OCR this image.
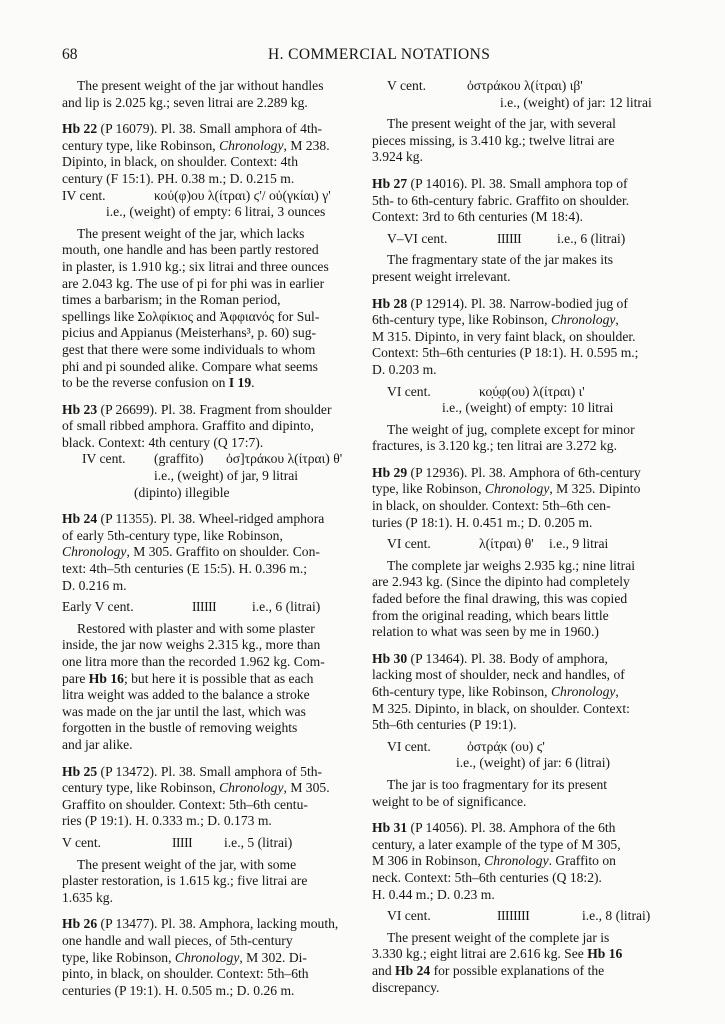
68	H. COMMERCIAL NOTATIONS
The present weight of the jar without handles
and lip is 2.025 kg.; seven litrai are 2.289 kg.
Hb 22 (P 16079). Pl. 38. Small amphora of 4th-
century type, like Robinson, Chronology, M 238.
Dipinto, in black, on shoulder. Context: 4th
century (F 15:1). PH. 0.38 m.; D. 0.215 m.
IV cent.	κού(φ)ου λ(ίτραι) ϛ'/ οὐ(γκίαι) γ'
i.e., (weight) of empty: 6 litrai, 3 ounces
The present weight of the jar, which lacks
mouth, one handle and has been partly restored
in plaster, is 1.910 kg.; six litrai and three ounces
are 2.043 kg. The use of pi for phi was in earlier
times a barbarism; in the Roman period,
spellings like Σολφίκιος and Ἀφφιανός for Sul-
picius and Appianus (Meisterhans³, p. 60) sug-
gest that there were some individuals to whom
phi and pi sounded alike. Compare what seems
to be the reverse confusion on I 19.
Hb 23 (P 26699). Pl. 38. Fragment from shoulder
of small ribbed amphora. Graffito and dipinto,
black. Context: 4th century (Q 17:7).
IV cent. (graffito) ὀσ]τράκου λ(ίτραι) θ'
i.e., (weight) of jar, 9 litrai
(dipinto) illegible
Hb 24 (P 11355). Pl. 38. Wheel-ridged amphora
of early 5th-century type, like Robinson,
Chronology, M 305. Graffito on shoulder. Con-
text: 4th–5th centuries (E 15:5). H. 0.396 m.;
D. 0.216 m.
Early V cent.	IIIIII	i.e., 6 (litrai)
Restored with plaster and with some plaster
inside, the jar now weighs 2.315 kg., more than
one litra more than the recorded 1.962 kg. Com-
pare Hb 16; but here it is possible that as each
litra weight was added to the balance a stroke
was made on the jar until the last, which was
forgotten in the bustle of removing weights
and jar alike.
Hb 25 (P 13472). Pl. 38. Small amphora of 5th-
century type, like Robinson, Chronology, M 305.
Graffito on shoulder. Context: 5th–6th centu-
ries (P 19:1). H. 0.333 m.; D. 0.173 m.
V cent.	IIIII i.e., 5 (litrai)
The present weight of the jar, with some
plaster restoration, is 1.615 kg.; five litrai are
1.635 kg.
Hb 26 (P 13477). Pl. 38. Amphora, lacking mouth,
one handle and wall pieces, of 5th-century
type, like Robinson, Chronology, M 302. Di-
pinto, in black, on shoulder. Context: 5th–6th
centuries (P 19:1). H. 0.505 m.; D. 0.26 m.
V cent.	ὀστράκου λ(ίτραι) ιβ'
i.e., (weight) of jar: 12 litrai
The present weight of the jar, with several
pieces missing, is 3.410 kg.; twelve litrai are
3.924 kg.
Hb 27 (P 14016). Pl. 38. Small amphora top of
5th- to 6th-century fabric. Graffito on shoulder.
Context: 3rd to 6th centuries (M 18:4).
V–VI cent.	IIIIII	i.e., 6 (litrai)
The fragmentary state of the jar makes its
present weight irrelevant.
Hb 28 (P 12914). Pl. 38. Narrow-bodied jug of
6th-century type, like Robinson, Chronology,
M 315. Dipinto, in very faint black, on shoulder.
Context: 5th–6th centuries (P 18:1). H. 0.595 m.;
D. 0.203 m.
VI cent.	κο̣ύ̣φ(ου) λ(ίτραι) ι'
i.e., (weight) of empty: 10 litrai
The weight of jug, complete except for minor
fractures, is 3.120 kg.; ten litrai are 3.272 kg.
Hb 29 (P 12936). Pl. 38. Amphora of 6th-century
type, like Robinson, Chronology, M 325. Dipinto
in black, on shoulder. Context: 5th–6th cen-
turies (P 18:1). H. 0.451 m.; D. 0.205 m.
VI cent.	λ(ίτραι) θ' i.e., 9 litrai
The complete jar weighs 2.935 kg.; nine litrai
are 2.943 kg. (Since the dipinto had completely
faded before the final drawing, this was copied
from the original reading, which bears little
relation to what was seen by me in 1960.)
Hb 30 (P 13464). Pl. 38. Body of amphora,
lacking most of shoulder, neck and handles, of
6th-century type, like Robinson, Chronology,
M 325. Dipinto, in black, on shoulder. Context:
5th–6th centuries (P 19:1).
VI cent.	ὀστρά̣κ (ου) ϛ'
i.e., (weight) of jar: 6 (litrai)
The jar is too fragmentary for its present
weight to be of significance.
Hb 31 (P 14056). Pl. 38. Amphora of the 6th
century, a later example of the type of M 305,
M 306 in Robinson, Chronology. Graffito on
neck. Context: 5th–6th centuries (Q 18:2).
H. 0.44 m.; D. 0.23 m.
VI cent.	IIIIIIII	i.e., 8 (litrai)
The present weight of the complete jar is
3.330 kg.; eight litrai are 2.616 kg. See Hb 16
and Hb 24 for possible explanations of the
discrepancy.
